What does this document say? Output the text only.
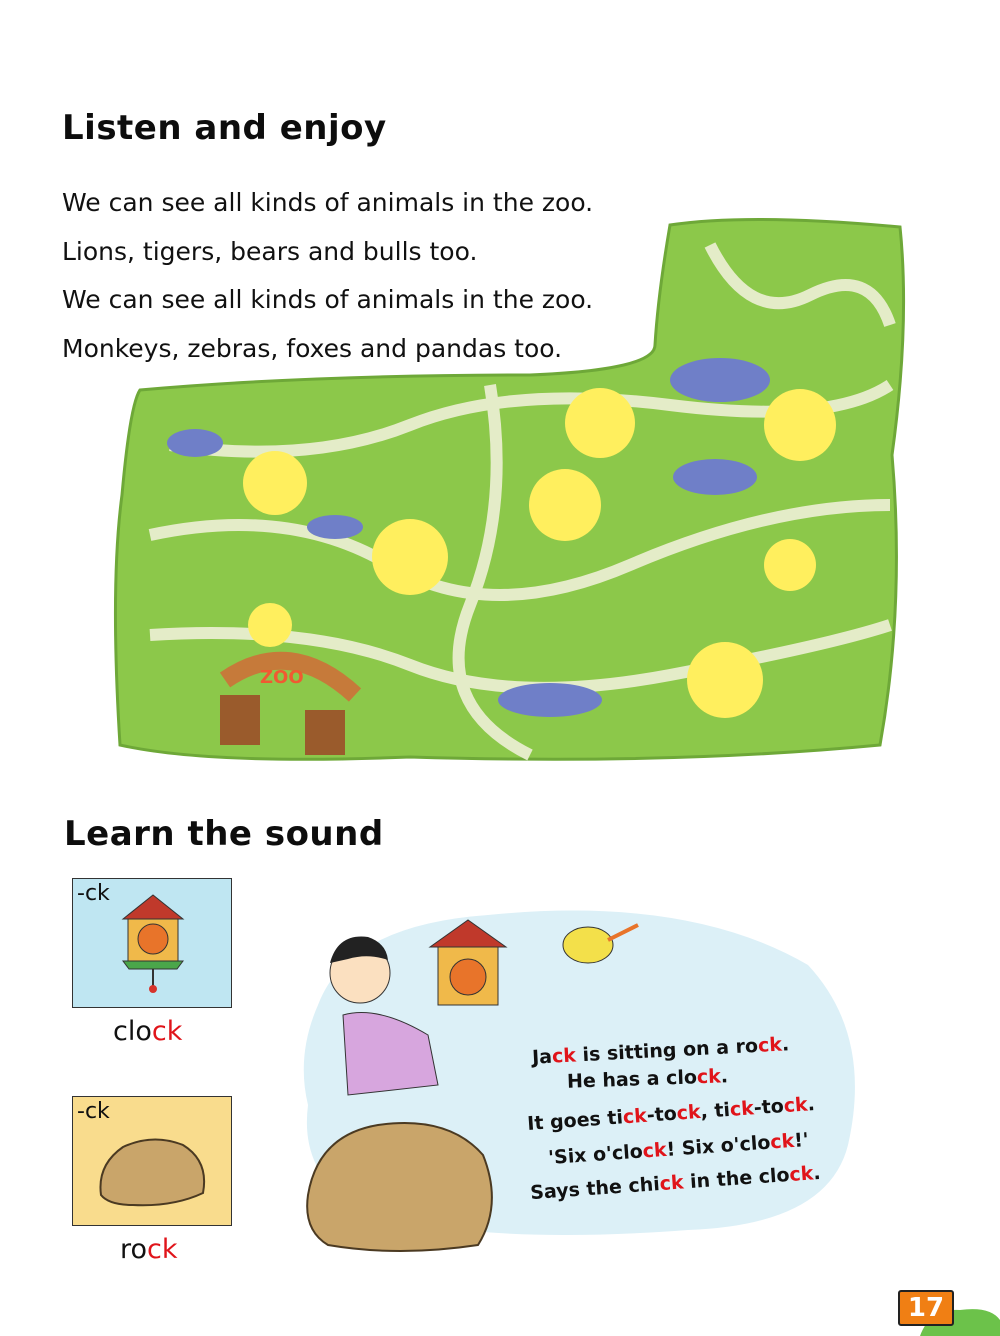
Listen and enjoy
ZOO
We can see all kinds of animals in the zoo.
Lions, tigers, bears and bulls too.
We can see all kinds of animals in the zoo.
Monkeys, zebras, foxes and pandas too.
Learn the sound
-ck
clock
-ck
rock
Jack is sitting on a rock.
He has a clock.
It goes tick-tock, tick-tock.
'Six o'clock! Six o'clock!'
Says the chick in the clock.
17
